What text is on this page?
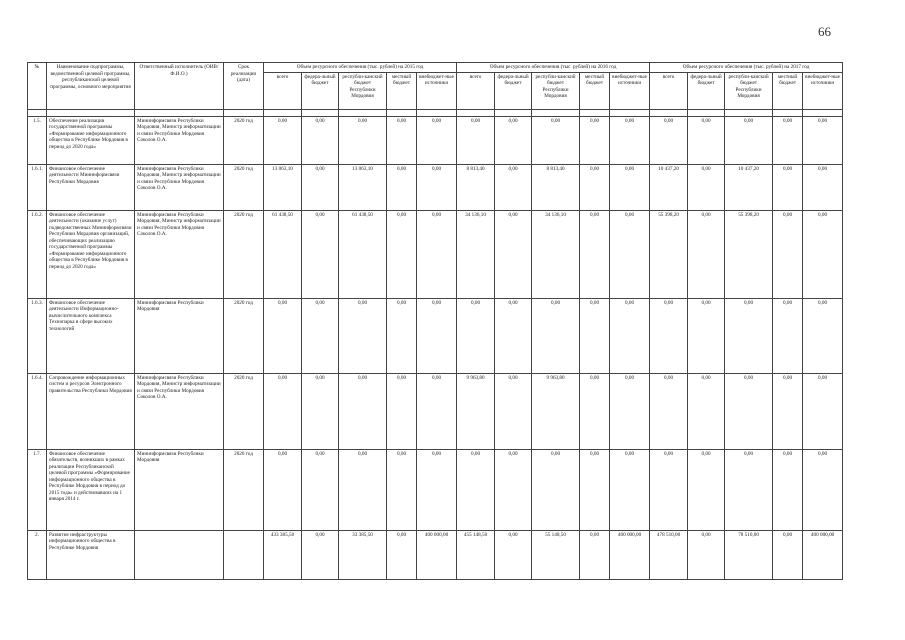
66
№	Наименование подпрограммы, ведомственной целевой программы, республиканской целевой программы, основного мероприятия	Ответственный исполнитель (ОИВ/Ф.И.О.)	Срок реализации (дата)	Объем ресурсного обеспечения (тыс. рублей) на 2015 год					Объем ресурсного обеспечения (тыс. рублей) на 2016 год					Объем ресурсного обеспечения (тыс. рублей) на 2017 год				
				всего	федера-льный бюджет	республи-канский бюджет Республики Мордовия	местный бюджет	внебюджет-ные источники	всего	федера-льный бюджет	республи-канский бюджет Республики Мордовия	местный бюджет	внебюджет-ные источники	всего	федера-льный бюджет	республи-канский бюджет Республики Мордовия	местный бюджет	внебюджет-ные источники

1.5.	Обеспечение реализации государственной программы «Формирование информационного общества в Республике Мордовия в период до 2020 года»	Мининформсвязи Республики Мордовия, Министр информатизации и связи Республики Мордовия Соколов О.А.	2020 год	0,00	0,00	0,00	0,00	0,00	0,00	0,00	0,00	0,00	0,00	0,00	0,00	0,00	0,00	0,00
1.6.1.	Финансовое обеспечение деятельности Мининформсвязи Республики Мордовия	Мининформсвязи Республики Мордовия, Министр информатизации и связи Республики Мордовия Соколов О.А.	2020 год	13 063,10	0,00	13 063,10	0,00	0,00	8 813,40	0,00	8 813,40	0,00	0,00	10 437,20	0,00	10 437,20	0,00	0,00
1.6.2.	Финансовое обеспечение деятельности (оказание услуг) подведомственных Мининформсвязи Республики Мордовия организаций, обеспечивающих реализацию государственной программы «Формирование информационного общества в Республике Мордовия в период до 2020 года»	Мининформсвязи Республики Мордовия, Министр информатизации и связи Республики Мордовия Соколов О.А.	2020 год	61 438,50	0,00	61 438,50	0,00	0,00	34 136,10	0,00	34 136,10	0,00	0,00	55 398,20	0,00	55 398,20	0,00	0,00
1.6.3.	Финансовое обеспечение деятельности Информационно-вычислительного комплекса Технопарка в сфере высоких технологий	Мининформсвязи Республики Мордовия	2020 год	0,00	0,00	0,00	0,00	0,00	0,00	0,00	0,00	0,00	0,00	0,00	0,00	0,00	0,00	0,00
1.6.4.	Сопровождение информационных систем и ресурсов Электронного правительства Республики Мордовия	Мининформсвязи Республики Мордовия, Министр информатизации и связи Республики Мордовия Соколов О.А.	2020 год	0,00	0,00	0,00	0,00	0,00	9 963,80	0,00	9 963,80	0,00	0,00	0,00	0,00	0,00	0,00	0,00
1.7.	Финансовое обеспечение обязательств, возникших в рамках реализации Республиканской целевой программы «Формирование информационного общества в Республике Мордовия в период до 2015 года» и действовавших на 1 января 2014 г.	Мининформсвязи Республики Мордовия	2020 год	0,00	0,00	0,00	0,00	0,00	0,00	0,00	0,00	0,00	0,00	0,00	0,00	0,00	0,00	0,00
2.	Развитие инфраструктуры информационного общества в Республике Мордовия			433 385,50	0,00	33 385,50	0,00	400 000,00	455 148,50	0,00	55 148,50	0,00	400 000,00	478 510,00	0,00	78 510,00	0,00	400 000,00
